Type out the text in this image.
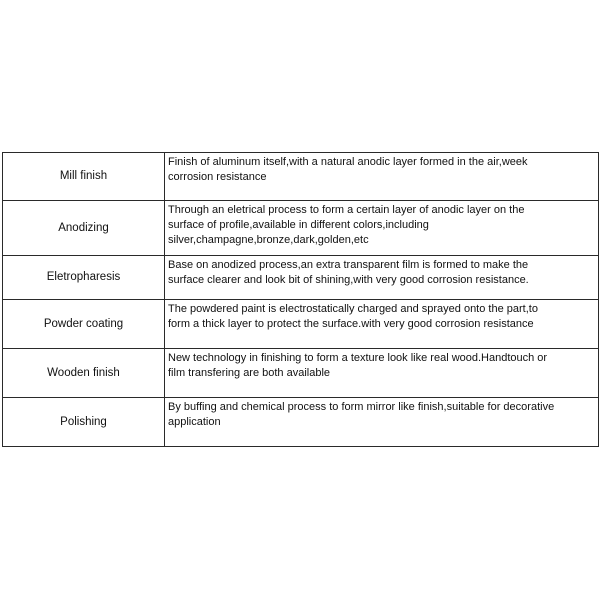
Mill finish	Finish of aluminum itself,with a natural anodic layer formed in the air,week
corrosion resistance

Anodizing	Through an eletrical process to form a certain layer of anodic layer on the
surface of profile,available in different colors,including
silver,champagne,bronze,dark,golden,etc

Eletropharesis	Base on anodized process,an extra transparent film is formed to make the
surface clearer and look bit of shining,with very good corrosion resistance.

Powder coating	The powdered paint is electrostatically charged and sprayed onto the part,to
form a thick layer to protect the surface.with very good corrosion resistance

Wooden finish	New technology in finishing to form a texture look like real wood.Handtouch or
film transfering are both available

Polishing	By buffing and chemical process to form mirror like finish,suitable for decorative
application
